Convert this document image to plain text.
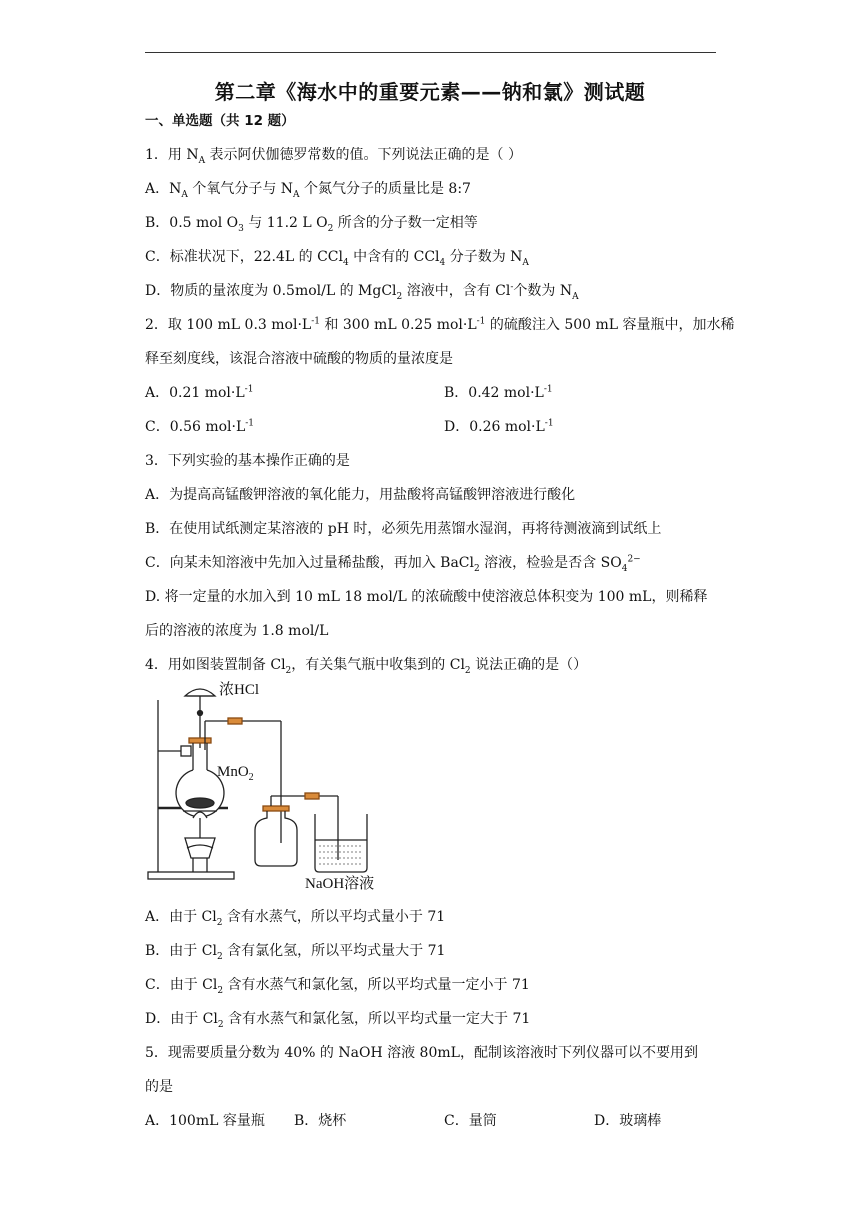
第二章《海水中的重要元素——钠和氯》测试题
一、单选题（共 12 题）
1．用 $N_A$ 表示阿伏伽德罗常数的值。下列说法正确的是（ ）
A．$N_A$ 个氧气分子与 $N_A$ 个氮气分子的质量比是 8:7
B．0.5 mol $O_3$ 与 11.2 L $O_2$ 所含的分子数一定相等
C．标准状况下，22.4L 的 CCl$_4$ 中含有的 CCl$_4$ 分子数为 $N_A$
D．物质的量浓度为 0.5mol/L 的 MgCl$_2$ 溶液中，含有 Cl-个数为 $N_A$
2．取 100 mL 0.3 $mol\cdot L^{-1}$ 和 300 mL 0.25 $mol\cdot L^{-1}$ 的硫酸注入 500 mL 容量瓶中，加水稀
释至刻度线，该混合溶液中硫酸的物质的量浓度是
A．0.21 $mol\cdot L^{-1}$	B．0.42 $mol\cdot L^{-1}$
C．0.56 $mol\cdot L^{-1}$	D．0.26 $mol\cdot L^{-1}$
3．下列实验的基本操作正确的是
A．为提高高锰酸钾溶液的氧化能力，用盐酸将高锰酸钾溶液进行酸化
B．在使用试纸测定某溶液的 pH 时，必须先用蒸馏水湿润，再将待测液滴到试纸上
C．向某未知溶液中先加入过量稀盐酸，再加入 BaCl$_2$ 溶液，检验是否含 $SO_4^{2-}$
D. 将一定量的水加入到 10 mL 18 mol/L 的浓硫酸中使溶液总体积变为 100 mL，则稀释
后的溶液的浓度为 1.8 mol/L
4．用如图装置制备 $Cl_2$，有关集气瓶中收集到的 $Cl_2$ 说法正确的是（）
浓HCl
MnO$_2$
NaOH溶液
A．由于 $Cl_2$ 含有水蒸气，所以平均式量小于 71
B．由于 $Cl_2$ 含有氯化氢，所以平均式量大于 71
C．由于 $Cl_2$ 含有水蒸气和氯化氢，所以平均式量一定小于 71
D．由于 $Cl_2$ 含有水蒸气和氯化氢，所以平均式量一定大于 71
5．现需要质量分数为 40% 的 NaOH 溶液 80mL，配制该溶液时下列仪器可以不要用到
的是
A．100mL 容量瓶 B．烧杯	C．量筒	D．玻璃棒
